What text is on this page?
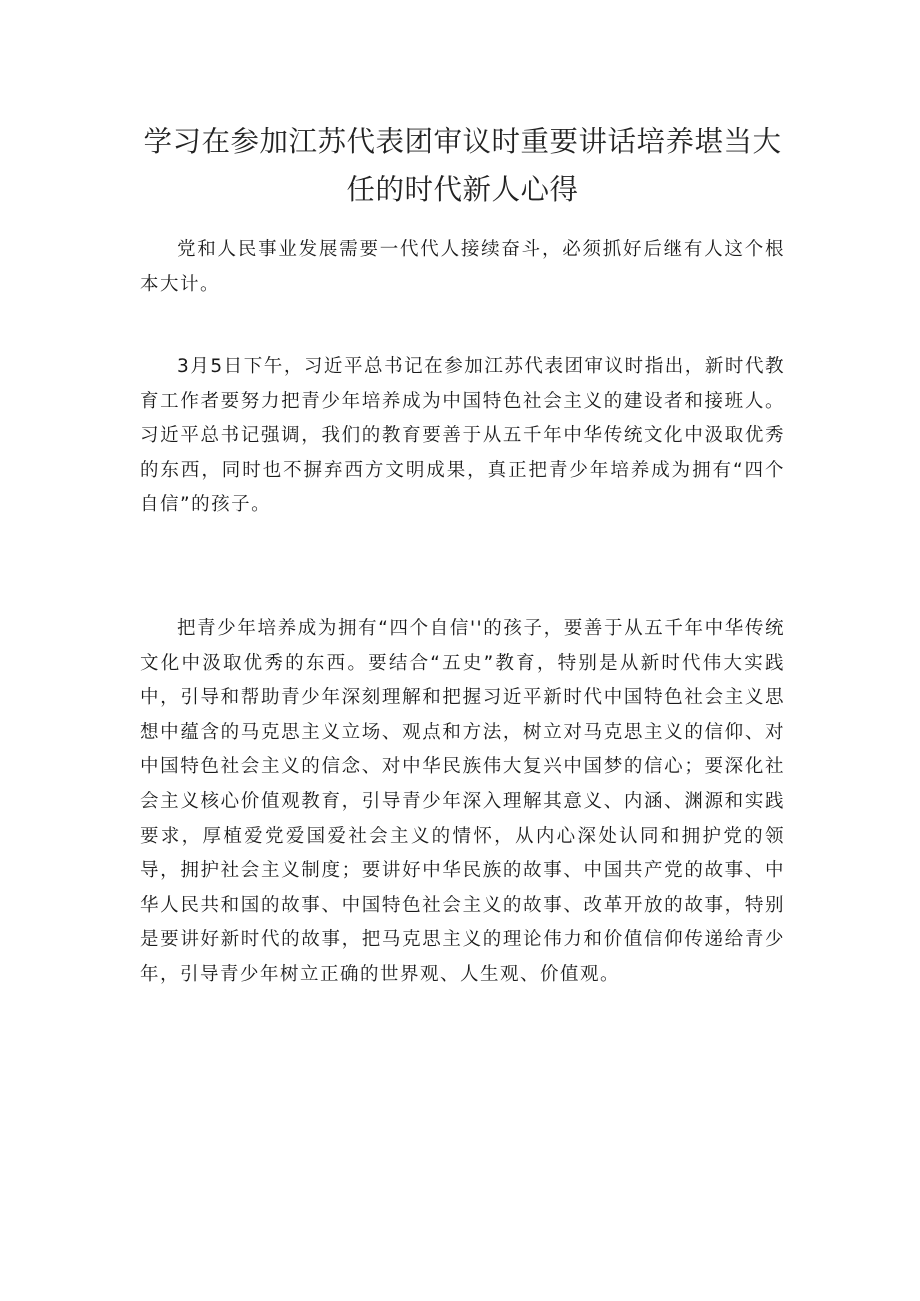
学习在参加江苏代表团审议时重要讲话培养堪当大
任的时代新人心得

党和人民事业发展需要一代代人接续奋斗，必须抓好后继有人这个根本大计。

3月5日下午，习近平总书记在参加江苏代表团审议时指出，新时代教育工作者要努力把青少年培养成为中国特色社会主义的建设者和接班人。习近平总书记强调，我们的教育要善于从五千年中华传统文化中汲取优秀的东西，同时也不摒弃西方文明成果，真正把青少年培养成为拥有“四个自信”的孩子。

把青少年培养成为拥有“四个自信''的孩子，要善于从五千年中华传统文化中汲取优秀的东西。要结合“五史”教育，特别是从新时代伟大实践中，引导和帮助青少年深刻理解和把握习近平新时代中国特色社会主义思想中蕴含的马克思主义立场、观点和方法，树立对马克思主义的信仰、对中国特色社会主义的信念、对中华民族伟大复兴中国梦的信心；要深化社会主义核心价值观教育，引导青少年深入理解其意义、内涵、渊源和实践要求，厚植爱党爱国爱社会主义的情怀，从内心深处认同和拥护党的领导，拥护社会主义制度；要讲好中华民族的故事、中国共产党的故事、中华人民共和国的故事、中国特色社会主义的故事、改革开放的故事，特别是要讲好新时代的故事，把马克思主义的理论伟力和价值信仰传递给青少年，引导青少年树立正确的世界观、人生观、价值观。
